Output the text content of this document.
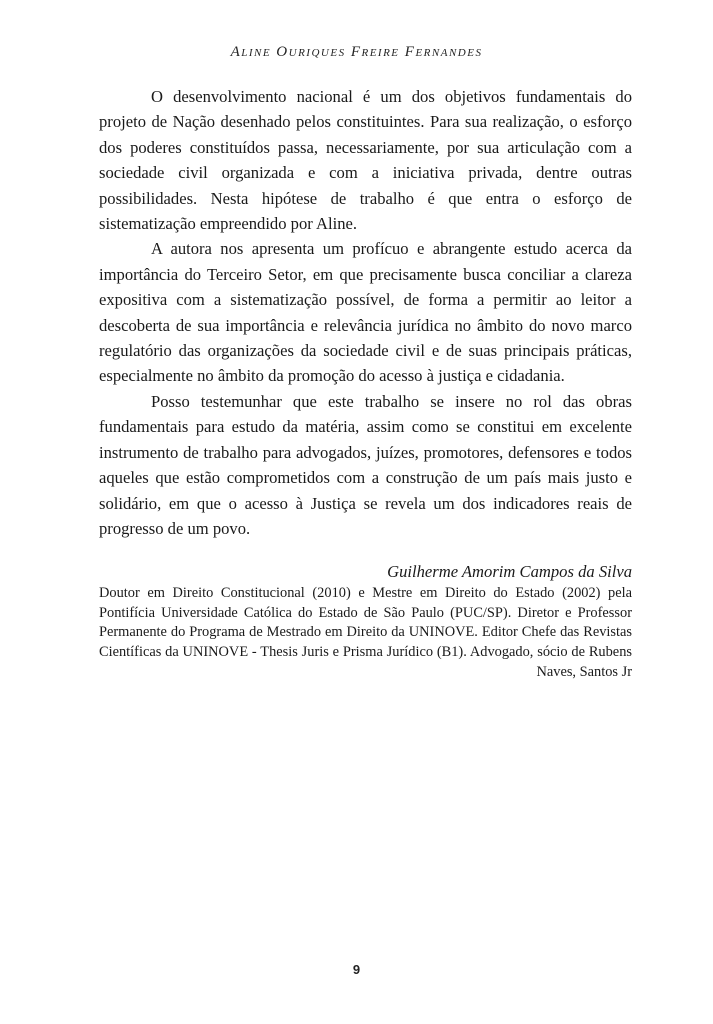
Aline Ouriques Freire Fernandes

O desenvolvimento nacional é um dos objetivos fundamentais do projeto de Nação desenhado pelos constituintes. Para sua realização, o esforço dos poderes constituídos passa, necessariamente, por sua articulação com a sociedade civil organizada e com a iniciativa privada, dentre outras possibilidades. Nesta hipótese de trabalho é que entra o esforço de sistematização empreendido por Aline.

A autora nos apresenta um profícuo e abrangente estudo acerca da importância do Terceiro Setor, em que precisamente busca conciliar a clareza expositiva com a sistematização possível, de forma a permitir ao leitor a descoberta de sua importância e relevância jurídica no âmbito do novo marco regulatório das organizações da sociedade civil e de suas principais práticas, especialmente no âmbito da promoção do acesso à justiça e cidadania.

Posso testemunhar que este trabalho se insere no rol das obras fundamentais para estudo da matéria, assim como se constitui em excelente instrumento de trabalho para advogados, juízes, promotores, defensores e todos aqueles que estão comprometidos com a construção de um país mais justo e solidário, em que o acesso à Justiça se revela um dos indicadores reais de progresso de um povo.

Guilherme Amorim Campos da Silva
Doutor em Direito Constitucional (2010) e Mestre em Direito do Estado (2002) pela Pontifícia Universidade Católica do Estado de São Paulo (PUC/SP). Diretor e Professor Permanente do Programa de Mestrado em Direito da UNINOVE. Editor Chefe das Revistas Científicas da UNINOVE - Thesis Juris e Prisma Jurídico (B1). Advogado, sócio de Rubens Naves, Santos Jr
9
